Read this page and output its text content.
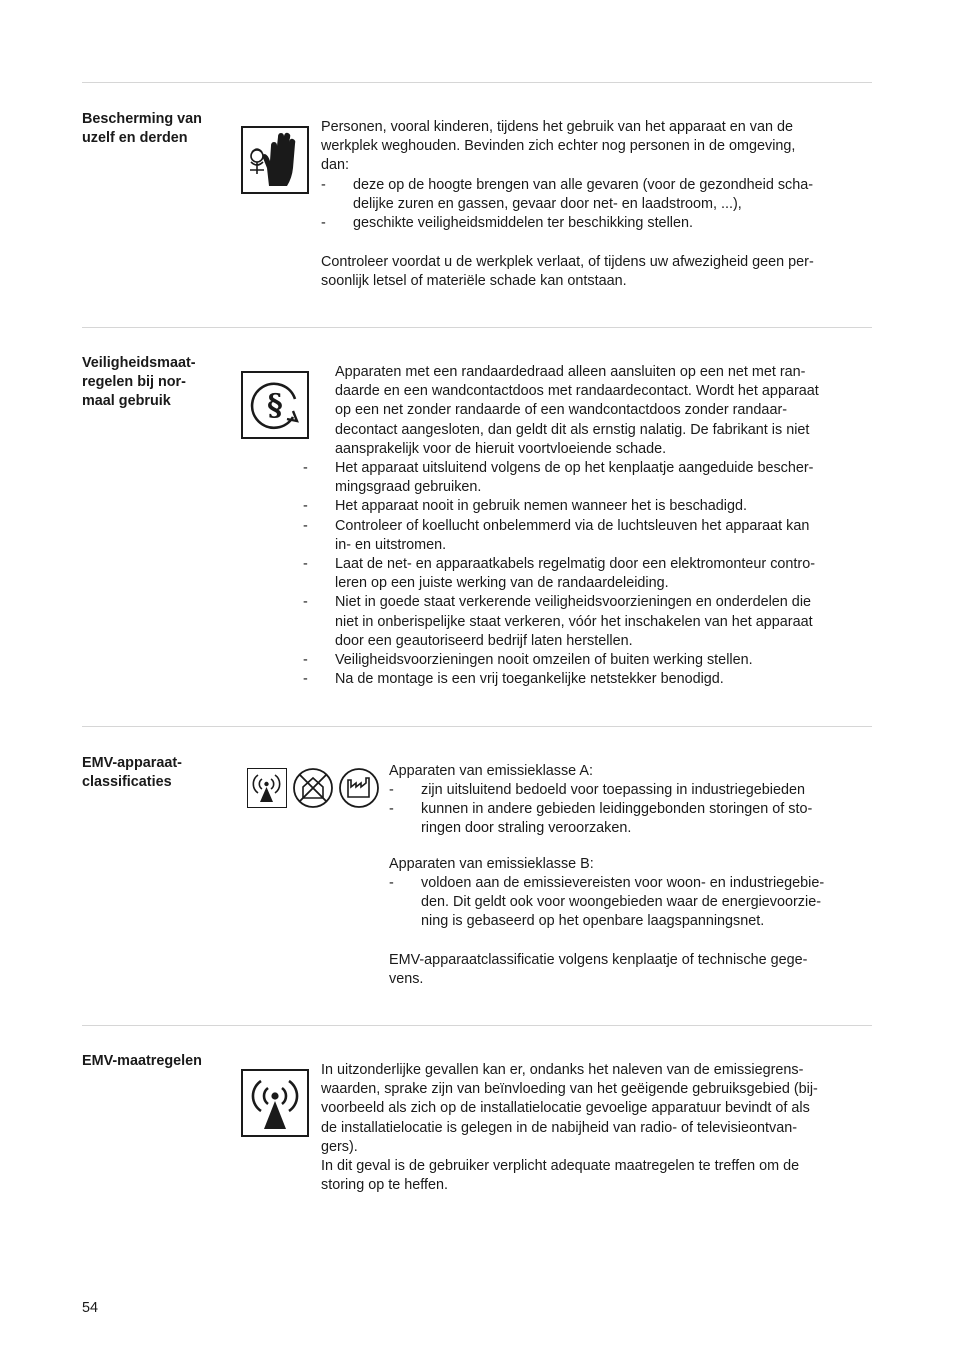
Bescherming van
uzelf en derden
Personen, vooral kinderen, tijdens het gebruik van het apparaat en van de
werkplek weghouden. Bevinden zich echter nog personen in de omgeving,
dan:
- deze op de hoogte brengen van alle gevaren (voor de gezondheid scha-
delijke zuren en gassen, gevaar door net- en laadstroom, ...),
- geschikte veiligheidsmiddelen ter beschikking stellen.
Controleer voordat u de werkplek verlaat, of tijdens uw afwezigheid geen per-
soonlijk letsel of materiële schade kan ontstaan.
Veiligheidsmaat-
regelen bij nor-
maal gebruik	§
Apparaten met een randaardedraad alleen aansluiten op een net met ran-
daarde en een wandcontactdoos met randaardecontact. Wordt het apparaat
op een net zonder randaarde of een wandcontactdoos zonder randaar-
decontact aangesloten, dan geldt dit als ernstig nalatig. De fabrikant is niet
aansprakelijk voor de hieruit voortvloeiende schade.
- Het apparaat uitsluitend volgens de op het kenplaatje aangeduide bescher-
mingsgraad gebruiken.
- Het apparaat nooit in gebruik nemen wanneer het is beschadigd.
- Controleer of koellucht onbelemmerd via de luchtsleuven het apparaat kan
in- en uitstromen.
- Laat de net- en apparaatkabels regelmatig door een elektromonteur contro-
leren op een juiste werking van de randaardeleiding.
- Niet in goede staat verkerende veiligheidsvoorzieningen en onderdelen die
niet in onberispelijke staat verkeren, vóór het inschakelen van het apparaat
door een geautoriseerd bedrijf laten herstellen.
- Veiligheidsvoorzieningen nooit omzeilen of buiten werking stellen.
- Na de montage is een vrij toegankelijke netstekker benodigd.
EMV-apparaat-
classificaties
Apparaten van emissieklasse A:
- zijn uitsluitend bedoeld voor toepassing in industriegebieden
- kunnen in andere gebieden leidinggebonden storingen of sto-
ringen door straling veroorzaken.
Apparaten van emissieklasse B:
- voldoen aan de emissievereisten voor woon- en industriegebie-
den. Dit geldt ook voor woongebieden waar de energievoorzie-
ning is gebaseerd op het openbare laagspanningsnet.
EMV-apparaatclassificatie volgens kenplaatje of technische gege-
vens.
EMV-maatregelen
In uitzonderlijke gevallen kan er, ondanks het naleven van de emissiegrens-
waarden, sprake zijn van beïnvloeding van het geëigende gebruiksgebied (bij-
voorbeeld als zich op de installatielocatie gevoelige apparatuur bevindt of als
de installatielocatie is gelegen in de nabijheid van radio- of televisieontvan-
gers).
In dit geval is de gebruiker verplicht adequate maatregelen te treffen om de
storing op te heffen.
54
